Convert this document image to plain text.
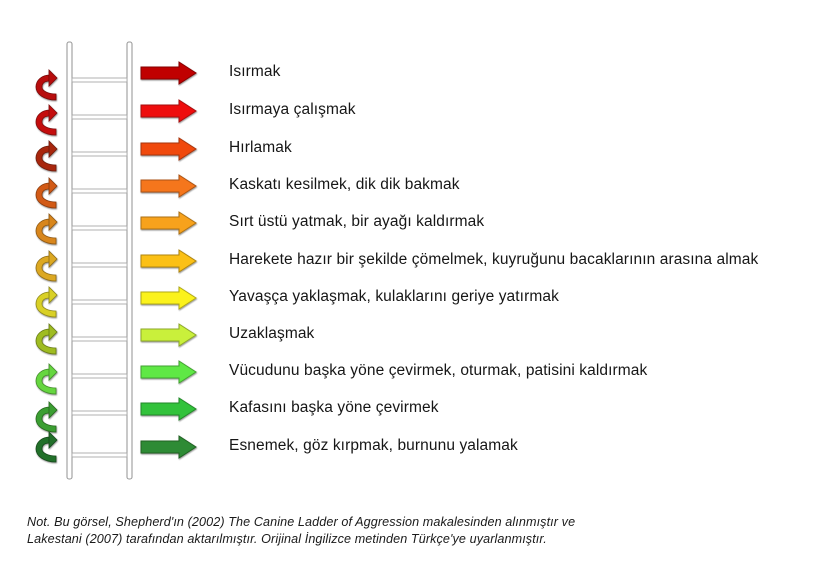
Isırmak
Isırmaya çalışmak
Hırlamak
Kaskatı kesilmek, dik dik bakmak
Sırt üstü yatmak, bir ayağı kaldırmak
Harekete hazır bir şekilde çömelmek, kuyruğunu bacaklarının arasına almak
Yavaşça yaklaşmak, kulaklarını geriye yatırmak
Uzaklaşmak
Vücudunu başka yöne çevirmek, oturmak, patisini kaldırmak
Kafasını başka yöne çevirmek
Esnemek, göz kırpmak, burnunu yalamak
Not. Bu görsel, Shepherd'ın (2002) The Canine Ladder of Aggression makalesinden alınmıştır ve
Lakestani (2007) tarafından aktarılmıştır. Orijinal İngilizce metinden Türkçe'ye uyarlanmıştır.
